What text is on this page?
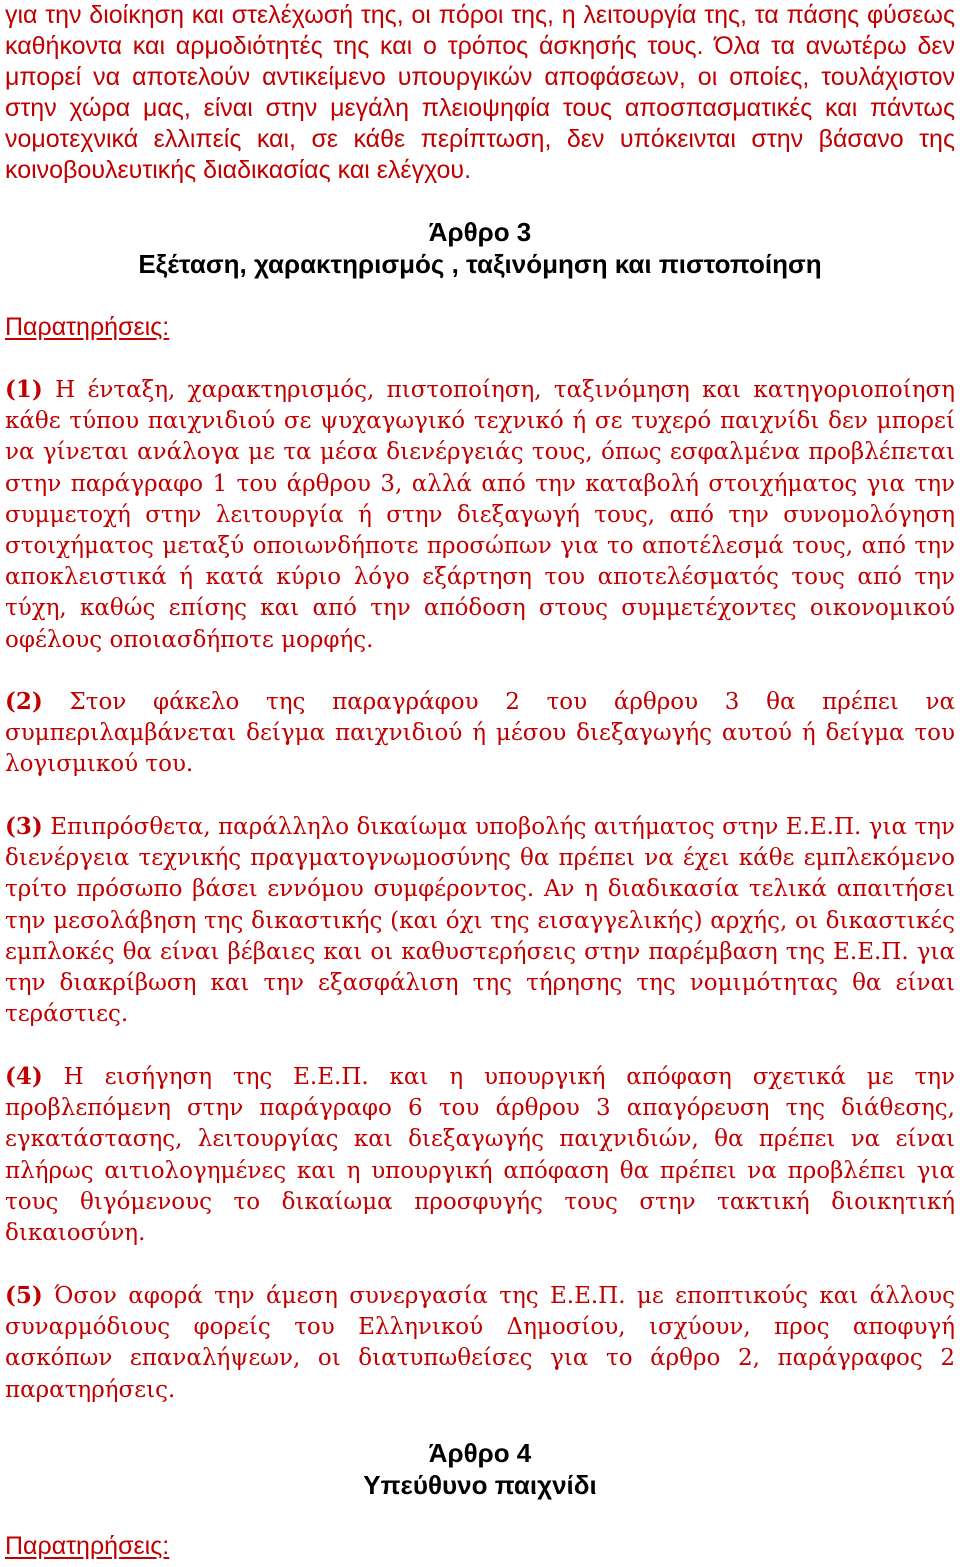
για την διοίκηση και στελέχωσή της, οι πόροι της, η λειτουργία της, τα πάσης φύσεως καθήκοντα και αρμοδιότητές της και ο τρόπος άσκησής τους. Όλα τα ανωτέρω δεν μπορεί να αποτελούν αντικείμενο υπουργικών αποφάσεων, οι οποίες, τουλάχιστον στην χώρα μας, είναι στην μεγάλη πλειοψηφία τους αποσπασματικές και πάντως νομοτεχνικά ελλιπείς και, σε κάθε περίπτωση, δεν υπόκεινται στην βάσανο της κοινοβουλευτικής διαδικασίας και ελέγχου.

Άρθρο 3

Εξέταση, χαρακτηρισμός , ταξινόμηση και πιστοποίηση

Παρατηρήσεις:

(1) Η ένταξη, χαρακτηρισμός, πιστοποίηση, ταξινόμηση και κατηγοριοποίηση κάθε τύπου παιχνιδιού σε ψυχαγωγικό τεχνικό ή σε τυχερό παιχνίδι δεν μπορεί να γίνεται ανάλογα με τα μέσα διενέργειάς τους, όπως εσφαλμένα προβλέπεται στην παράγραφο 1 του άρθρου 3, αλλά από την καταβολή στοιχήματος για την συμμετοχή στην λειτουργία ή στην διεξαγωγή τους, από την συνομολόγηση στοιχήματος μεταξύ οποιωνδήποτε προσώπων για το αποτέλεσμά τους, από την αποκλειστικά ή κατά κύριο λόγο εξάρτηση του αποτελέσματός τους από την τύχη, καθώς επίσης και από την απόδοση στους συμμετέχοντες οικονομικού οφέλους οποιασδήποτε μορφής.

(2) Στον φάκελο της παραγράφου 2 του άρθρου 3 θα πρέπει να συμπεριλαμβάνεται δείγμα παιχνιδιού ή μέσου διεξαγωγής αυτού ή δείγμα του λογισμικού του.

(3) Επιπρόσθετα, παράλληλο δικαίωμα υποβολής αιτήματος στην Ε.Ε.Π. για την διενέργεια τεχνικής πραγματογνωμοσύνης θα πρέπει να έχει κάθε εμπλεκόμενο τρίτο πρόσωπο βάσει εννόμου συμφέροντος. Αν η διαδικασία τελικά απαιτήσει την μεσολάβηση της δικαστικής (και όχι της εισαγγελικής) αρχής, οι δικαστικές εμπλοκές θα είναι βέβαιες και οι καθυστερήσεις στην παρέμβαση της Ε.Ε.Π. για την διακρίβωση και την εξασφάλιση της τήρησης της νομιμότητας θα είναι τεράστιες.

(4) Η εισήγηση της Ε.Ε.Π. και η υπουργική απόφαση σχετικά με την προβλεπόμενη στην παράγραφο 6 του άρθρου 3 απαγόρευση της διάθεσης, εγκατάστασης, λειτουργίας και διεξαγωγής παιχνιδιών, θα πρέπει να είναι πλήρως αιτιολογημένες και η υπουργική απόφαση θα πρέπει να προβλέπει για τους θιγόμενους το δικαίωμα προσφυγής τους στην τακτική διοικητική δικαιοσύνη.

(5) Όσον αφορά την άμεση συνεργασία της Ε.Ε.Π. με εποπτικούς και άλλους συναρμόδιους φορείς του Ελληνικού Δημοσίου, ισχύουν, προς αποφυγή ασκόπων επαναλήψεων, οι διατυπωθείσες για το άρθρο 2, παράγραφος 2 παρατηρήσεις.

Άρθρο 4

Υπεύθυνο παιχνίδι

Παρατηρήσεις:
